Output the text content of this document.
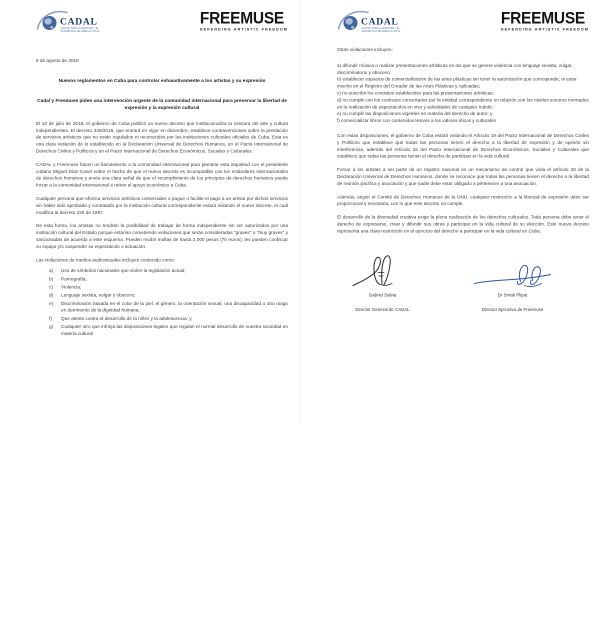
CADAL
CENTRO PARA LA APERTURA Y EL
DESARROLLO DE AMÉRICA LATINA
FREEMUSE
DEFENDING ARTISTIC FREEDOM

6 de agosto de 2018

Nuevos reglamentos en Cuba para controlar exhaustivamente a los artistas y su expresión
Cadal y Freemuse piden una intervención urgente de la comunidad internacional para preservar la libertad de expresión y la expresión cultural

El 10 de julio de 2018, el gobierno de Cuba publicó un nuevo decreto que institucionaliza la censura del arte y cultura independientes. El decreto 349/2018, que entrará en vigor en diciembre, establece contravenciones sobre la prestación de servicios artísticos que no están regulados ni reconocidos por las instituciones culturales oficiales de Cuba. Esta es una clara violación de lo establecido en la Declaración Universal de Derechos Humanos, en el Pacto Internacional de Derechos Civiles y Políticos y en el Pacto Internacional de Derechos Económicos, Sociales y Culturales.

CADAL y Freemuse hacen un llamamiento a la comunidad internacional para plantear esta inquietud con el presidente cubano Miguel Díaz-Canel sobre el hecho de que el nuevo decreto es incompatible con los estándares internacionales de derechos humanos y envía una clara señal de que el incumplimiento de los principios de derechos humanos puede forzar a la comunidad internacional a retirar el apoyo económico a Cuba.

Cualquier persona que ofrezca servicios artísticos comerciales o pague o facilite el pago a un artista por dichos servicios sin haber sido aprobado y contratado por la institución cultural correspondiente estará violando el nuevo decreto, el cual modifica al decreto 226 de 1997.

De esta forma, los artistas no tendrán la posibilidad de trabajar de forma independiente sin ser autorizados por una institución cultural del Estado porque estarían cometiendo violaciones que serán consideradas "graves" o "muy graves" y sancionadas de acuerdo a este esquema. Pueden recibir multas de hasta 2,000 pesos (70 euros), les pueden confiscar su equipo y/o suspender su espectáculo o actuación.

Las violaciones de medios audiovisuales incluyen contenido como:

a) Uso de símbolos nacionales que violen la legislación actual;
b) Pornografía;
c) Violencia;
d) Lenguaje sexista, vulgar y obsceno;
e) Discriminación basada en el color de la piel, el género, la orientación sexual, una discapacidad u otro rasgo en detrimento de la dignidad humana;
f) Que atente contra el desarrollo de la niñez y la adolescencia; y
g) Cualquier otro que infrinja las disposiciones legales que regulan el normal desarrollo de nuestra sociedad en materia cultural
CADAL
CENTRO PARA LA APERTURA Y EL
DESARROLLO DE AMÉRICA LATINA
FREEMUSE
DEFENDING ARTISTIC FREEDOM

Otras violaciones incluyen:

a) difundir música o realizar presentaciones artísticas en las que se genere violencia con lenguaje sexista, vulgar, discriminatorio y obsceno;
b) establecer espacios de comercialización de las artes plásticas sin tener la autorización que corresponde, ni estar inscrito en el Registro del Creador de las Artes Plásticas y Aplicadas;
c) no suscribir los contratos establecidos para las presentaciones artísticas;
d) no cumplir con los contratos concertados por la entidad correspondiente en relación con los niveles sonoros normados en la realización de espectáculos en vivo y actividades de cualquier índole;
e) no cumplir las disposiciones vigentes en materia del derecho de autor; y
f) comercializar libros con contenidos lesivos a los valores éticos y culturales

Con estas disposiciones, el gobierno de Cuba estará violando el Artículo 19 del Pacto Internacional de Derechos Civiles y Políticos que establece que todas las personas tienen el derecho a la libertad de expresión y de opinión sin interferencia, además del Artículo 15 del Pacto Internacional de Derechos Económicos, Sociales y Culturales que establece que todas las personas tienen el derecho de participar en la vida cultural.

Forzar a los artistas a ser parte de un registro nacional es un mecanismo de control que viola el artículo 20 de la Declaración Universal de Derechos Humanos, donde se reconoce que todas las personas tienen el derecho a la libertad de reunión pacífica y asociación y que nadie debe estar obligado a pertenecer a una asociación.

Además, según el Comité de Derechos Humanos de la ONU, cualquier restricción a la libertad de expresión debe ser proporcional y necesaria, con lo que este decreto no cumple.

El desarrollo de la diversidad creativa exige la plena realización de los derechos culturales. Toda persona debe tener el derecho de expresarse, crear y difundir sus obras y participar en la vida cultural de su elección. Este nuevo decreto representa una clara restricción en el ejercicio del derecho a participar en la vida cultural en Cuba.

Gabriel Salvia
Director General de CADAL
Dr Srirak Plipat
Director Ejecutivo de Freemuse
